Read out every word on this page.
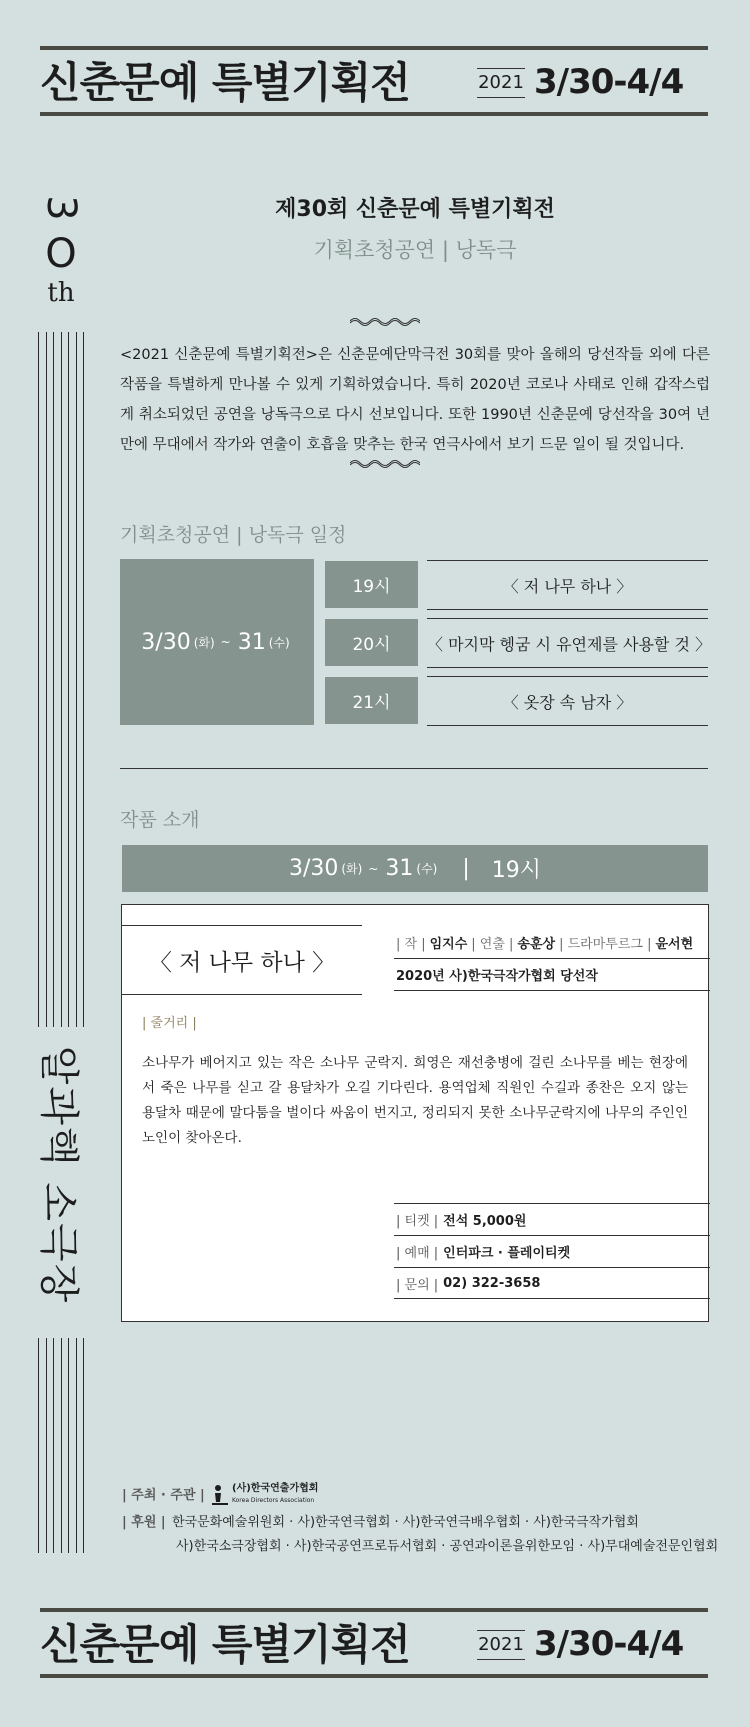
신춘문예 특별기획전	2021 3/30-4/4
3
O
th
알과핵 소극장
제30회 신춘문예 특별기획전
기획초청공연 | 낭독극
<2021 신춘문예 특별기획전>은 신춘문예단막극전 30회를 맞아 올해의 당선작들 외에 다른 작품을 특별하게 만나볼 수 있게 기획하였습니다. 특히 2020년 코로나 사태로 인해 갑작스럽게 취소되었던 공연을 낭독극으로 다시 선보입니다. 또한 1990년 신춘문예 당선작을 30여 년 만에 무대에서 작가와 연출이 호흡을 맞추는 한국 연극사에서 보기 드문 일이 될 것입니다.
기획초청공연 | 낭독극 일정
3/30 (화) ~ 31 (수)
19시	〈 저 나무 하나 〉
20시	〈 마지막 헹굼 시 유연제를 사용할 것 〉
21시	〈 옷장 속 남자 〉
작품 소개
3/30 (화) ~ 31 (수) | 19시
〈 저 나무 하나 〉
| 작 | 임지수 | 연출 | 송훈상 | 드라마투르그 | 윤서현
2020년 사)한국극작가협회 당선작
| 줄거리 |
소나무가 베어지고 있는 작은 소나무 군락지. 희영은 재선충병에 걸린 소나무를 베는 현장에서 죽은 나무를 싣고 갈 용달차가 오길 기다린다. 용역업체 직원인 수길과 종찬은 오지 않는 용달차 때문에 말다툼을 벌이다 싸움이 번지고, 정리되지 못한 소나무군락지에 나무의 주인인 노인이 찾아온다.
| 티켓 | 전석 5,000원
| 예매 | 인터파크 · 플레이티켓
| 문의 | 02) 322-3658
| 주최 · 주관 |	(사)한국연출가협회
Korea Directors Association
| 후원 | 한국문화예술위원회 · 사)한국연극협회 · 사)한국연극배우협회 · 사)한국극작가협회
사)한국소극장협회 · 사)한국공연프로듀서협회 · 공연과이론을위한모임 · 사)무대예술전문인협회
신춘문예 특별기획전	2021 3/30-4/4
